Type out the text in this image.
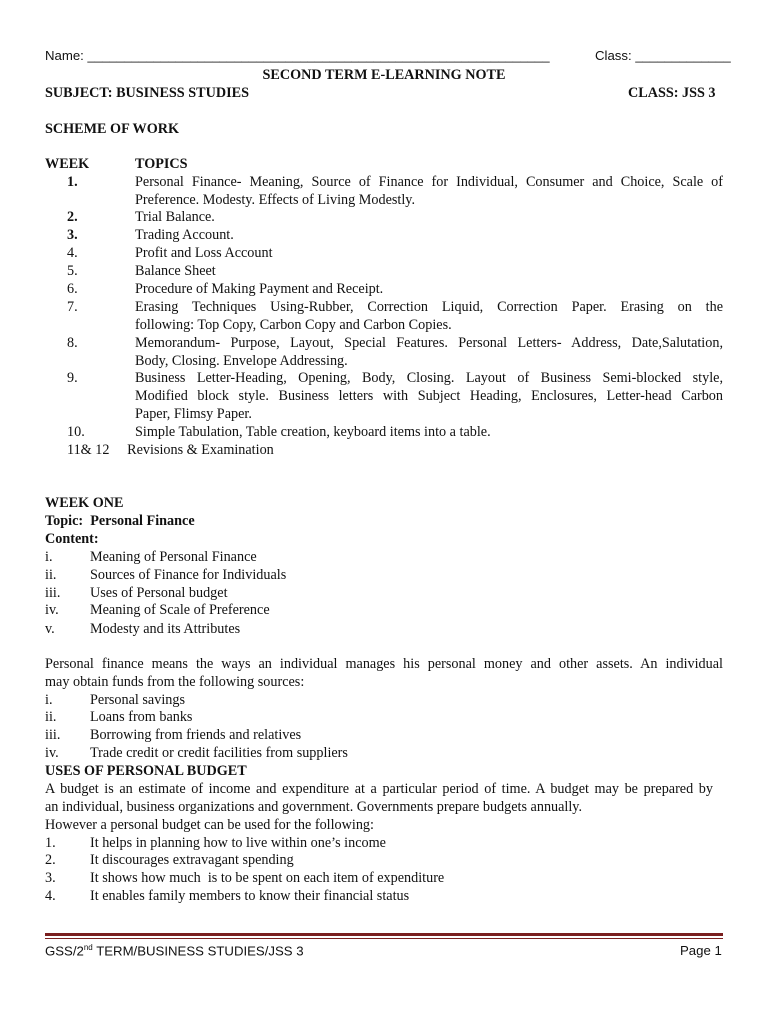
Name: _______________________________________________________________	Class: _____________
SECOND TERM E-LEARNING NOTE
SUBJECT: BUSINESS STUDIES	CLASS: JSS 3
SCHEME OF WORK
WEEK	TOPICS
1.	Personal Finance- Meaning, Source of Finance for Individual, Consumer and Choice, Scale of
Preference. Modesty. Effects of Living Modestly.
2.	Trial Balance.
3.	Trading Account.
4.	Profit and Loss Account
5.	Balance Sheet
6.	Procedure of Making Payment and Receipt.
7.	Erasing Techniques Using-Rubber, Correction Liquid, Correction Paper. Erasing on the
following: Top Copy, Carbon Copy and Carbon Copies.
8.	Memorandum- Purpose, Layout, Special Features. Personal Letters- Address, Date,Salutation,
Body, Closing. Envelope Addressing.
9.	Business Letter-Heading, Opening, Body, Closing. Layout of Business Semi-blocked style,
Modified block style. Business letters with Subject Heading, Enclosures, Letter-head Carbon
Paper, Flimsy Paper.
10.	Simple Tabulation, Table creation, keyboard items into a table.
11& 12     Revisions & Examination
WEEK ONE
Topic:  Personal Finance
Content:
i.	Meaning of Personal Finance
ii. Sources of Finance for Individuals
iii. Uses of Personal budget
iv. Meaning of Scale of Preference
v. Modesty and its Attributes
Personal finance means the ways an individual manages his personal money and other assets. An individual
may obtain funds from the following sources:
i.	Personal savings
ii. Loans from banks
iii. Borrowing from friends and relatives
iv. Trade credit or credit facilities from suppliers
USES OF PERSONAL BUDGET
A budget is an estimate of income and expenditure at a particular period of time. A budget may be prepared by
an individual, business organizations and government. Governments prepare budgets annually.
However a personal budget can be used for the following:
1. It helps in planning how to live within one’s income
2. It discourages extravagant spending
3. It shows how much  is to be spent on each item of expenditure
4. It enables family members to know their financial status
GSS/2nd TERM/BUSINESS STUDIES/JSS 3	Page 1
